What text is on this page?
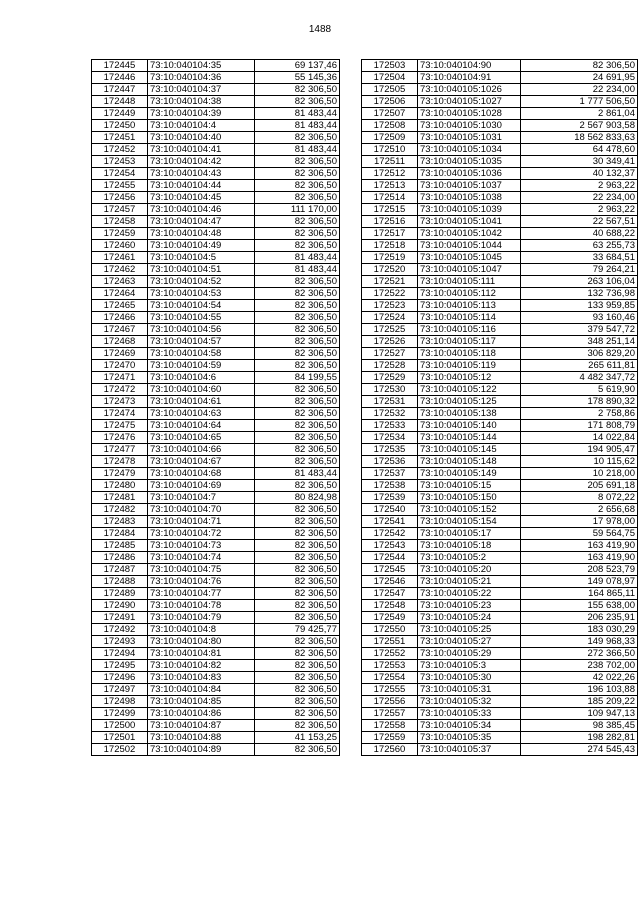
1488
172445	73:10:040104:35	69 137,46
172446	73:10:040104:36	55 145,36
172447	73:10:040104:37	82 306,50
172448	73:10:040104:38	82 306,50
172449	73:10:040104:39	81 483,44
172450	73:10:040104:4	81 483,44
172451	73:10:040104:40	82 306,50
172452	73:10:040104:41	81 483,44
172453	73:10:040104:42	82 306,50
172454	73:10:040104:43	82 306,50
172455	73:10:040104:44	82 306,50
172456	73:10:040104:45	82 306,50
172457	73:10:040104:46	111 170,00
172458	73:10:040104:47	82 306,50
172459	73:10:040104:48	82 306,50
172460	73:10:040104:49	82 306,50
172461	73:10:040104:5	81 483,44
172462	73:10:040104:51	81 483,44
172463	73:10:040104:52	82 306,50
172464	73:10:040104:53	82 306,50
172465	73:10:040104:54	82 306,50
172466	73:10:040104:55	82 306,50
172467	73:10:040104:56	82 306,50
172468	73:10:040104:57	82 306,50
172469	73:10:040104:58	82 306,50
172470	73:10:040104:59	82 306,50
172471	73:10:040104:6	84 199,55
172472	73:10:040104:60	82 306,50
172473	73:10:040104:61	82 306,50
172474	73:10:040104:63	82 306,50
172475	73:10:040104:64	82 306,50
172476	73:10:040104:65	82 306,50
172477	73:10:040104:66	82 306,50
172478	73:10:040104:67	82 306,50
172479	73:10:040104:68	81 483,44
172480	73:10:040104:69	82 306,50
172481	73:10:040104:7	80 824,98
172482	73:10:040104:70	82 306,50
172483	73:10:040104:71	82 306,50
172484	73:10:040104:72	82 306,50
172485	73:10:040104:73	82 306,50
172486	73:10:040104:74	82 306,50
172487	73:10:040104:75	82 306,50
172488	73:10:040104:76	82 306,50
172489	73:10:040104:77	82 306,50
172490	73:10:040104:78	82 306,50
172491	73:10:040104:79	82 306,50
172492	73:10:040104:8	79 425,77
172493	73:10:040104:80	82 306,50
172494	73:10:040104:81	82 306,50
172495	73:10:040104:82	82 306,50
172496	73:10:040104:83	82 306,50
172497	73:10:040104:84	82 306,50
172498	73:10:040104:85	82 306,50
172499	73:10:040104:86	82 306,50
172500	73:10:040104:87	82 306,50
172501	73:10:040104:88	41 153,25
172502	73:10:040104:89	82 306,50
172503	73:10:040104:90	82 306,50
172504	73:10:040104:91	24 691,95
172505	73:10:040105:1026	22 234,00
172506	73:10:040105:1027	1 777 506,50
172507	73:10:040105:1028	2 861,04
172508	73:10:040105:1030	2 567 903,58
172509	73:10:040105:1031	18 562 833,63
172510	73:10:040105:1034	64 478,60
172511	73:10:040105:1035	30 349,41
172512	73:10:040105:1036	40 132,37
172513	73:10:040105:1037	2 963,22
172514	73:10:040105:1038	22 234,00
172515	73:10:040105:1039	2 963,22
172516	73:10:040105:1041	22 567,51
172517	73:10:040105:1042	40 688,22
172518	73:10:040105:1044	63 255,73
172519	73:10:040105:1045	33 684,51
172520	73:10:040105:1047	79 264,21
172521	73:10:040105:111	263 106,04
172522	73:10:040105:112	132 736,98
172523	73:10:040105:113	133 959,85
172524	73:10:040105:114	93 160,46
172525	73:10:040105:116	379 547,72
172526	73:10:040105:117	348 251,14
172527	73:10:040105:118	306 829,20
172528	73:10:040105:119	265 611,81
172529	73:10:040105:12	4 482 347,72
172530	73:10:040105:122	5 619,90
172531	73:10:040105:125	178 890,32
172532	73:10:040105:138	2 758,86
172533	73:10:040105:140	171 808,79
172534	73:10:040105:144	14 022,84
172535	73:10:040105:145	194 905,47
172536	73:10:040105:148	10 115,62
172537	73:10:040105:149	10 218,00
172538	73:10:040105:15	205 691,18
172539	73:10:040105:150	8 072,22
172540	73:10:040105:152	2 656,68
172541	73:10:040105:154	17 978,00
172542	73:10:040105:17	59 564,75
172543	73:10:040105:18	163 419,90
172544	73:10:040105:2	163 419,90
172545	73:10:040105:20	208 523,79
172546	73:10:040105:21	149 078,97
172547	73:10:040105:22	164 865,11
172548	73:10:040105:23	155 638,00
172549	73:10:040105:24	206 235,91
172550	73:10:040105:25	183 030,29
172551	73:10:040105:27	149 968,33
172552	73:10:040105:29	272 366,50
172553	73:10:040105:3	238 702,00
172554	73:10:040105:30	42 022,26
172555	73:10:040105:31	196 103,88
172556	73:10:040105:32	185 209,22
172557	73:10:040105:33	109 947,13
172558	73:10:040105:34	98 385,45
172559	73:10:040105:35	198 282,81
172560	73:10:040105:37	274 545,43
